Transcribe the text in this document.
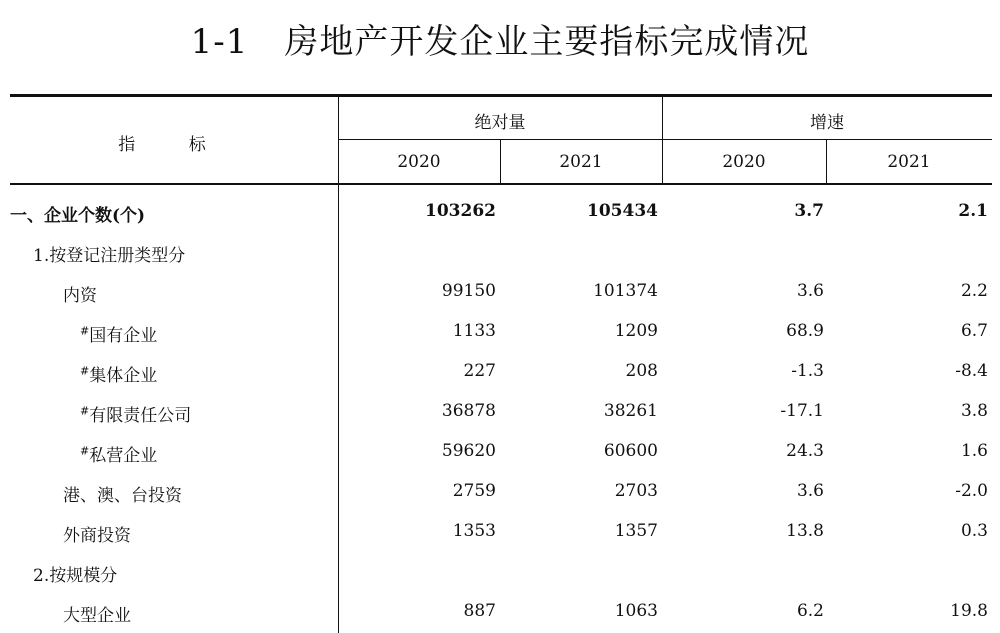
1-1 房地产开发企业主要指标完成情况
指 标
绝对量	增速
2020	2021	2020	2021
一、企业个数(个)	103262	105434	3.7	2.1
1.按登记注册类型分
内资	99150	101374	3.6	2.2
#国有企业	1133	1209	68.9	6.7
#集体企业	227	208	-1.3	-8.4
#有限责任公司	36878	38261	-17.1	3.8
#私营企业	59620	60600	24.3	1.6
港、澳、台投资	2759	2703	3.6	-2.0
外商投资	1353	1357	13.8	0.3
2.按规模分
大型企业	887	1063	6.2	19.8
